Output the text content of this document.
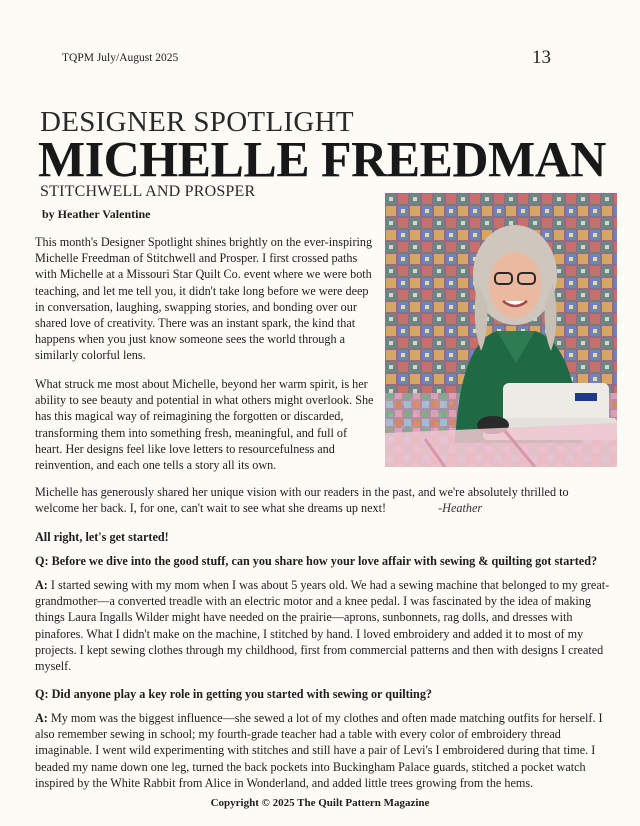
TQPM July/August 2025	13
DESIGNER SPOTLIGHT
MICHELLE FREEDMAN
STITCHWELL AND PROSPER
by Heather Valentine

This month's Designer Spotlight shines brightly on the ever-inspiring Michelle Freedman of Stitchwell and Prosper. I first crossed paths with Michelle at a Missouri Star Quilt Co. event where we were both teaching, and let me tell you, it didn't take long before we were deep in conversation, laughing, swapping stories, and bonding over our shared love of creativity. There was an instant spark, the kind that happens when you just know someone sees the world through a similarly colorful lens.

What struck me most about Michelle, beyond her warm spirit, is her ability to see beauty and potential in what others might overlook. She has this magical way of reimagining the forgotten or discarded, transforming them into something fresh, meaningful, and full of heart. Her designs feel like love letters to resourcefulness and reinvention, and each one tells a story all its own.

Michelle has generously shared her unique vision with our readers in the past, and we're absolutely thrilled to welcome her back. I, for one, can't wait to see what she dreams up next!	-Heather

All right, let's get started!

Q: Before we dive into the good stuff, can you share how your love affair with sewing & quilting got started?

A: I started sewing with my mom when I was about 5 years old. We had a sewing machine that belonged to my great-grandmother—a converted treadle with an electric motor and a knee pedal. I was fascinated by the idea of making things Laura Ingalls Wilder might have needed on the prairie—aprons, sunbonnets, rag dolls, and dresses with pinafores. What I didn't make on the machine, I stitched by hand. I loved embroidery and added it to most of my projects. I kept sewing clothes through my childhood, first from commercial patterns and then with designs I created myself.

Q: Did anyone play a key role in getting you started with sewing or quilting?

A: My mom was the biggest influence—she sewed a lot of my clothes and often made matching outfits for herself. I also remember sewing in school; my fourth-grade teacher had a table with every color of embroidery thread imaginable. I went wild experimenting with stitches and still have a pair of Levi's I embroidered during that time. I beaded my name down one leg, turned the back pockets into Buckingham Palace guards, stitched a pocket watch inspired by the White Rabbit from Alice in Wonderland, and added little trees growing from the hems.

Copyright © 2025 The Quilt Pattern Magazine
